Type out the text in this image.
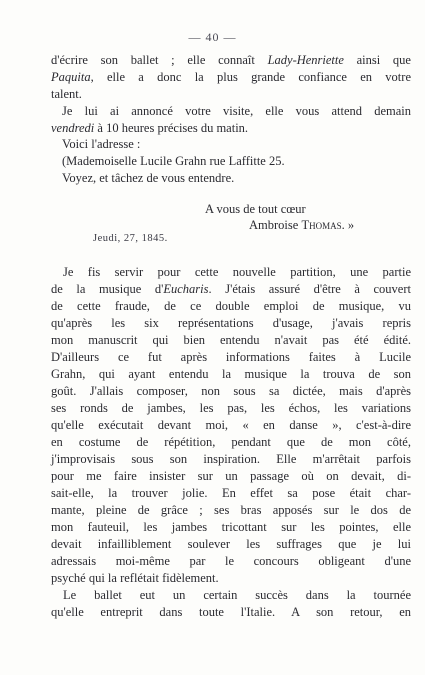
— 40 —
d'écrire son ballet ; elle connaît Lady-Henriette ainsi que
Paquita, elle a donc la plus grande confiance en votre
talent.
Je lui ai annoncé votre visite, elle vous attend demain
vendredi à 10 heures précises du matin.
Voici l'adresse :
(Mademoiselle Lucile Grahn rue Laffitte 25.
Voyez, et tâchez de vous entendre.
A vous de tout cœur
Ambroise Thomas. »
Jeudi, 27, 1845.
Je fis servir pour cette nouvelle partition, une partie
de la musique d'Eucharis. J'étais assuré d'être à couvert
de cette fraude, de ce double emploi de musique, vu
qu'après les six représentations d'usage, j'avais repris
mon manuscrit qui bien entendu n'avait pas été édité.
D'ailleurs ce fut après informations faites à Lucile
Grahn, qui ayant entendu la musique la trouva de son
goût. J'allais composer, non sous sa dictée, mais d'après
ses ronds de jambes, les pas, les échos, les variations
qu'elle exécutait devant moi, « en danse », c'est-à-dire
en costume de répétition, pendant que de mon côté,
j'improvisais sous son inspiration. Elle m'arrêtait parfois
pour me faire insister sur un passage où on devait, di-
sait-elle, la trouver jolie. En effet sa pose était char-
mante, pleine de grâce ; ses bras apposés sur le dos de
mon fauteuil, les jambes tricottant sur les pointes, elle
devait infailliblement soulever les suffrages que je lui
adressais moi-même par le concours obligeant d'une
psyché qui la reflétait fidèlement.
Le ballet eut un certain succès dans la tournée
qu'elle entreprit dans toute l'Italie. A son retour, en
